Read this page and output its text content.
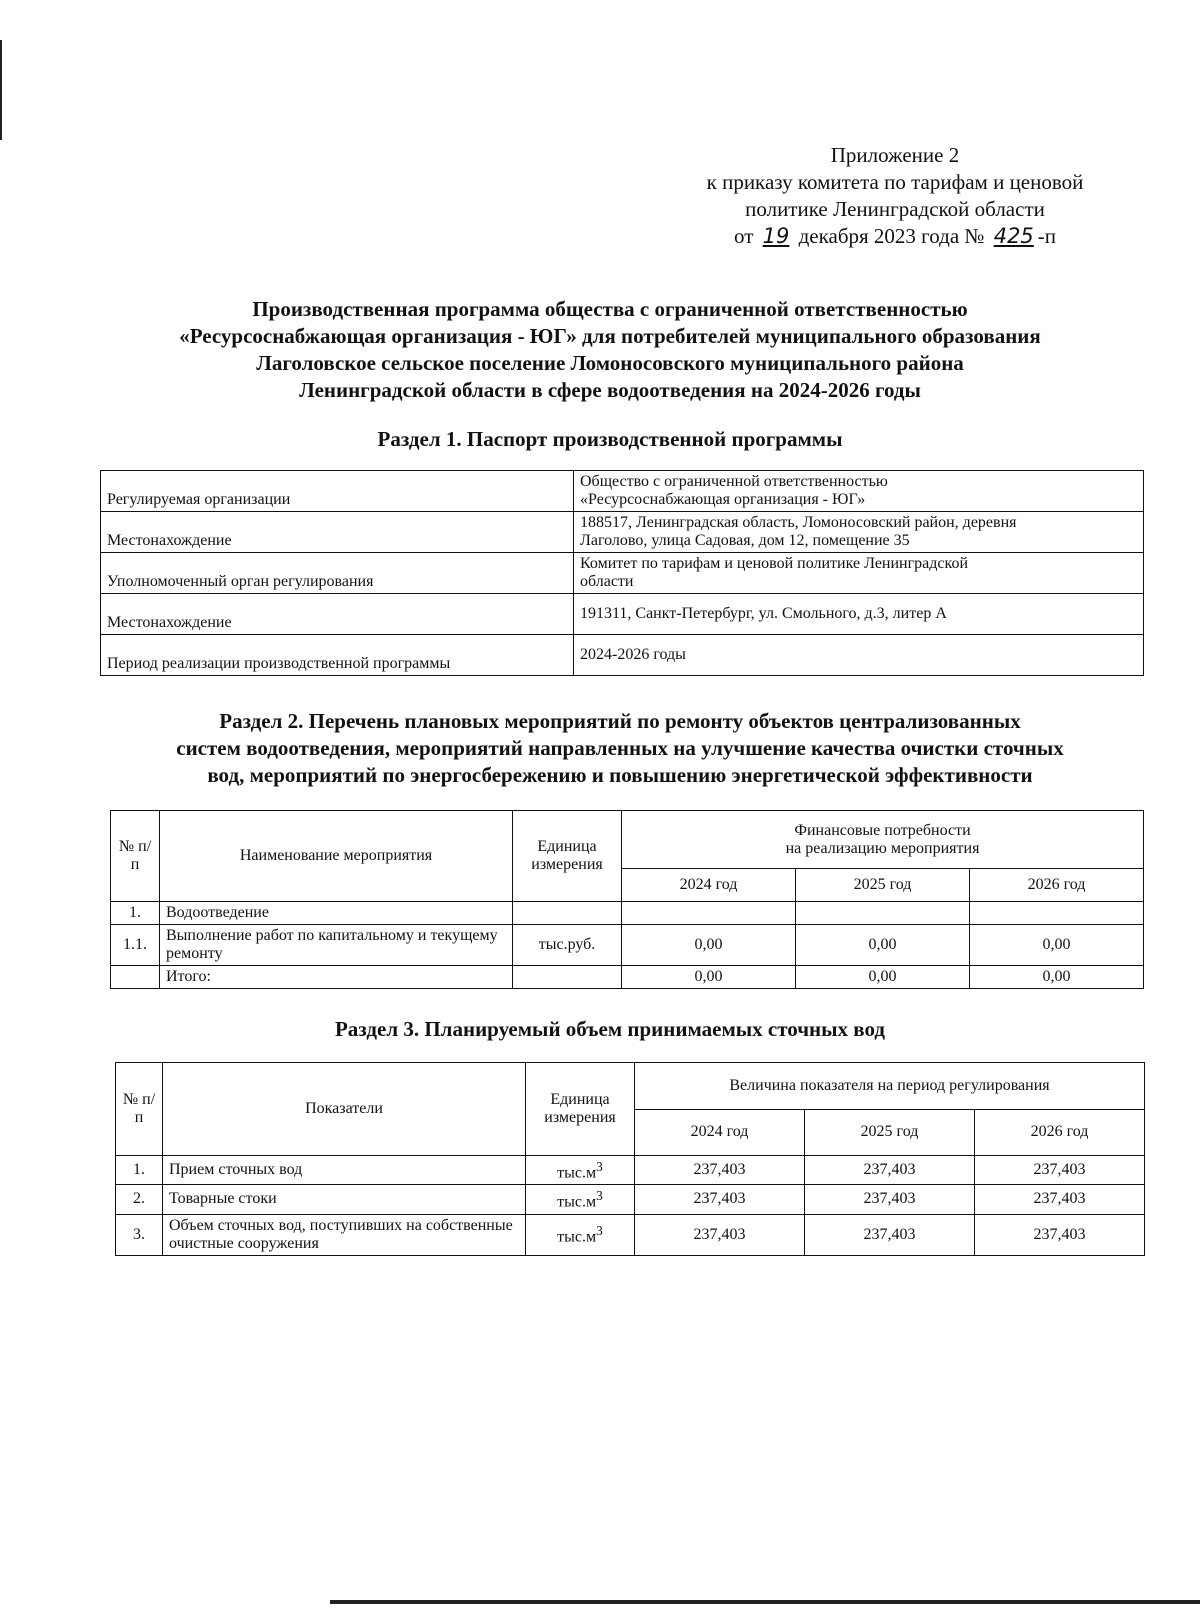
Приложение 2
к приказу комитета по тарифам и ценовой
политике Ленинградской области
от 19 декабря 2023 года № 425 -п
Производственная программа общества с ограниченной ответственностью
«Ресурсоснабжающая организация - ЮГ» для потребителей муниципального образования
Лаголовское сельское поселение Ломоносовского муниципального района
Ленинградской области в сфере водоотведения на 2024-2026 годы
Раздел 1. Паспорт производственной программы
Регулируемая организации	Общество с ограниченной ответственностью
«Ресурсоснабжающая организация - ЮГ»

Местонахождение	188517, Ленинградская область, Ломоносовский район, деревня
Лаголово, улица Садовая, дом 12, помещение 35

Уполномоченный орган регулирования	Комитет по тарифам и ценовой политике Ленинградской
области

Местонахождение	191311, Санкт-Петербург, ул. Смольного, д.3, литер А
Период реализации производственной программы	2024-2026 годы
Раздел 2. Перечень плановых мероприятий по ремонту объектов централизованных
систем водоотведения, мероприятий направленных на улучшение качества очистки сточных
вод, мероприятий по энергосбережению и повышению энергетической эффективности
№ п/п	Наименование мероприятия	Единица измерения	Финансовые потребности
на реализацию мероприятия		

			2024 год	2025 год	2026 год
1.	Водоотведение				
1.1.	Выполнение работ по капитальному и текущему ремонту	тыс.руб.	0,00	0,00	0,00
	Итого:		0,00	0,00	0,00
Раздел 3. Планируемый объем принимаемых сточных вод
№ п/п	Показатели	Единица измерения	Величина показателя на период регулирования		
			2024 год	2025 год	2026 год
1.	Прием сточных вод	$тыс.м^3$	237,403	237,403	237,403
2.	Товарные стоки	$тыс.м^3$	237,403	237,403	237,403
3.	Объем сточных вод, поступивших на собственные очистные сооружения	$тыс.м^3$	237,403	237,403	237,403
